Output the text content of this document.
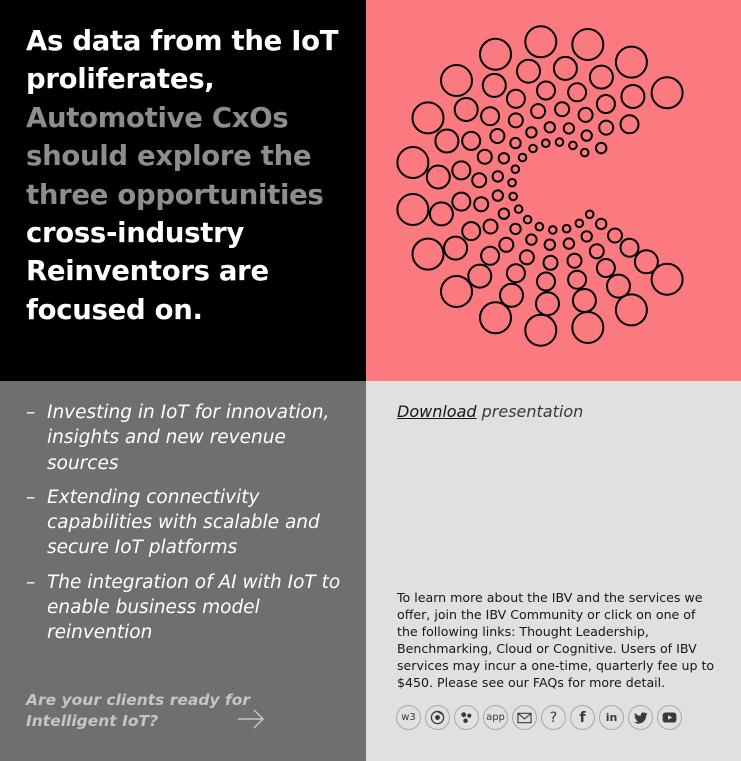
As data from the IoT proliferates, Automotive CxOs should explore the three opportunities cross-industry Reinventors are focused on.
– Investing in IoT for innovation, insights and new revenue sources
– Extending connectivity capabilities with scalable and secure IoT platforms
– The integration of AI with IoT to enable business model reinvention
Are your clients ready for Intelligent IoT?
Download presentation

To learn more about the IBV and the services we offer, join the IBV Community or click on one of the following links: Thought Leadership, Benchmarking, Cloud or Cognitive. Users of IBV services may incur a one-time, quarterly fee up to $450. Please see our FAQs for more detail.

w3	app	? f in
